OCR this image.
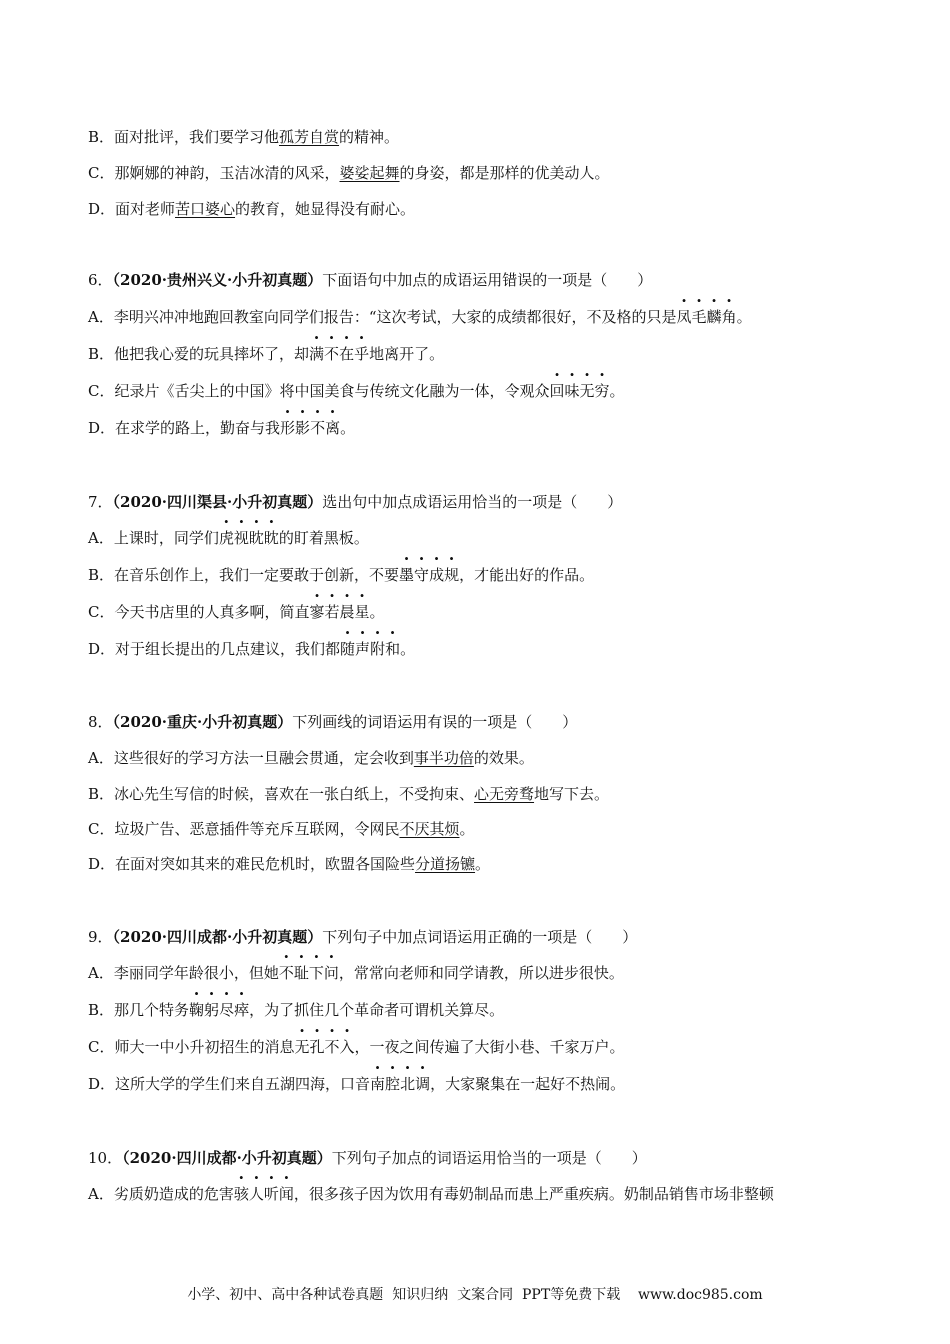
B．面对批评，我们要学习他孤芳自赏的精神。
C．那婀娜的神韵，玉洁冰清的风采，婆娑起舞的身姿，都是那样的优美动人。
D．面对老师苦口婆心的教育，她显得没有耐心。
6．（2020·贵州兴义·小升初真题）下面语句中加点的成语运用错误的一项是（　　）
A．李明兴冲冲地跑回教室向同学们报告：“这次考试，大家的成绩都很好，不及格的只是凤毛麟角。
B．他把我心爱的玩具摔坏了，却满不在乎地离开了。
C．纪录片《舌尖上的中国》将中国美食与传统文化融为一体，令观众回味无穷。
D．在求学的路上，勤奋与我形影不离。
7．（2020·四川渠县·小升初真题）选出句中加点成语运用恰当的一项是（　　）
A．上课时，同学们虎视眈眈的盯着黑板。
B．在音乐创作上，我们一定要敢于创新，不要墨守成规，才能出好的作品。
C．今天书店里的人真多啊，简直寥若晨星。
D．对于组长提出的几点建议，我们都随声附和。
8．（2020·重庆·小升初真题）下列画线的词语运用有误的一项是（　　）
A．这些很好的学习方法一旦融会贯通，定会收到事半功倍的效果。
B．冰心先生写信的时候，喜欢在一张白纸上，不受拘束、心无旁骛地写下去。
C．垃圾广告、恶意插件等充斥互联网，令网民不厌其烦。
D．在面对突如其来的难民危机时，欧盟各国险些分道扬镳。
9．（2020·四川成都·小升初真题）下列句子中加点词语运用正确的一项是（　　）
A．李丽同学年龄很小，但她不耻下问，常常向老师和同学请教，所以进步很快。
B．那几个特务鞠躬尽瘁，为了抓住几个革命者可谓机关算尽。
C．师大一中小升初招生的消息无孔不入，一夜之间传遍了大街小巷、千家万户。
D．这所大学的学生们来自五湖四海，口音南腔北调，大家聚集在一起好不热闹。
10．（2020·四川成都·小升初真题）下列句子加点的词语运用恰当的一项是（　　）
A．劣质奶造成的危害骇人听闻，很多孩子因为饮用有毒奶制品而患上严重疾病。奶制品销售市场非整顿
小学、初中、高中各种试卷真题  知识归纳  文案合同  PPT等免费下载    www.doc985.com
